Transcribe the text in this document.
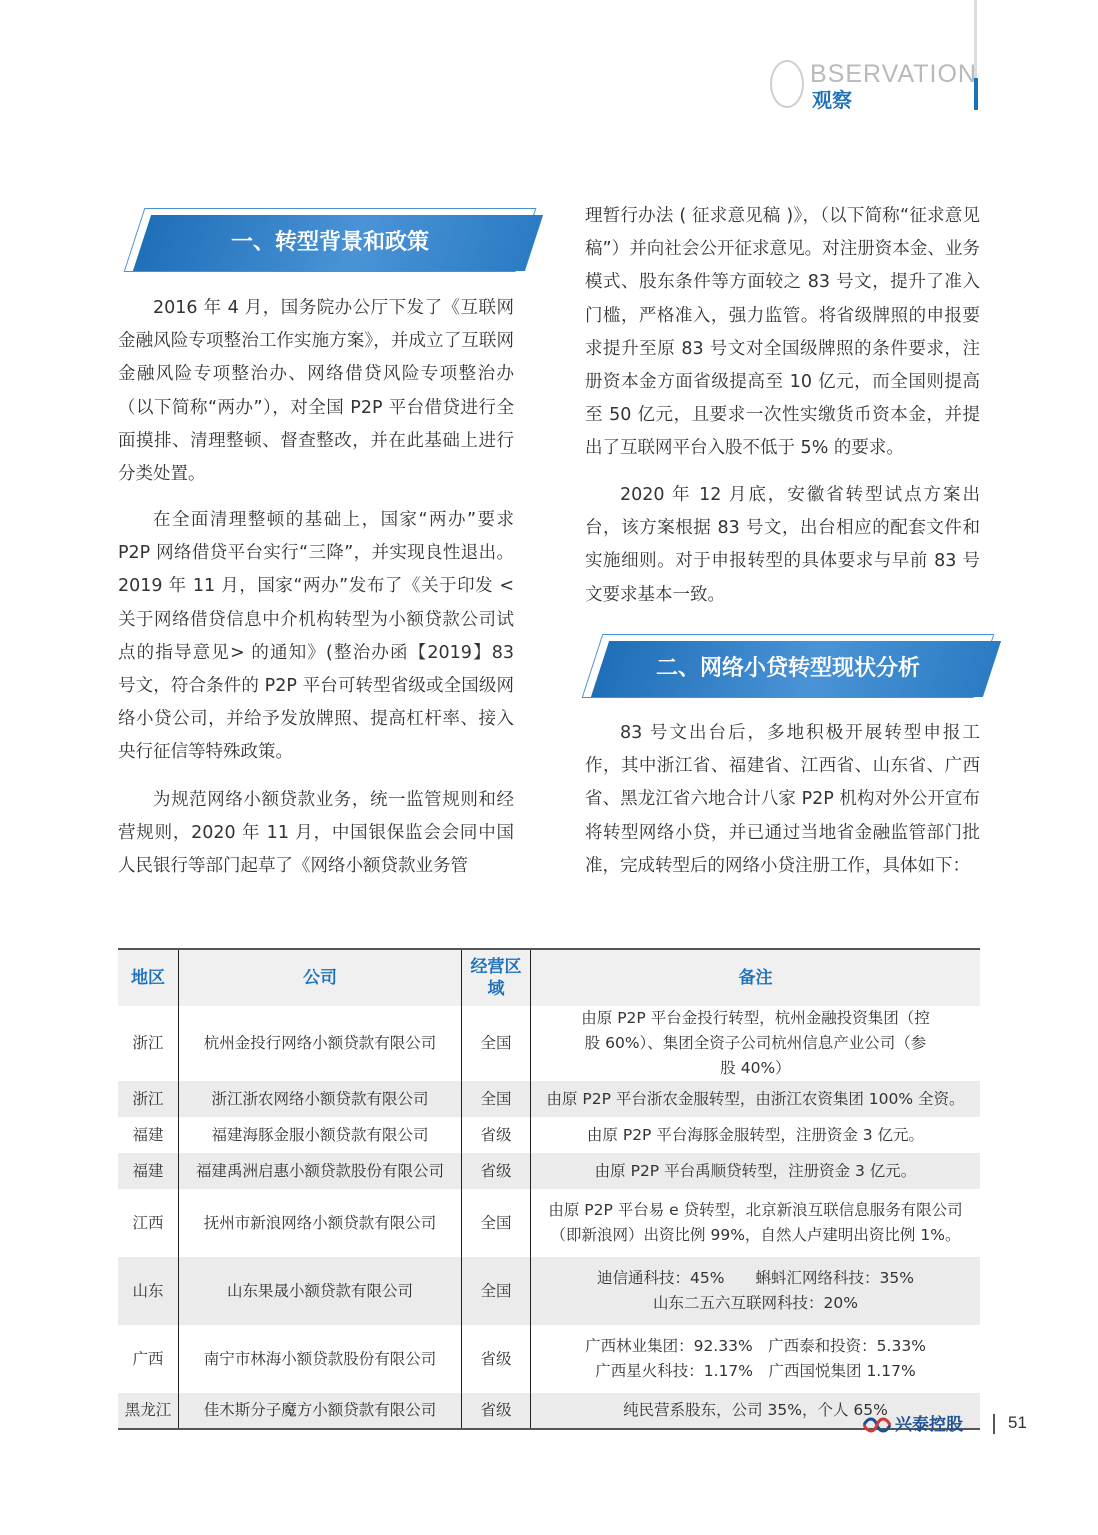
BSERVATION
观察
一、转型背景和政策

2016 年 4 月，国务院办公厅下发了《互联网金融风险专项整治工作实施方案》，并成立了互联网金融风险专项整治办、网络借贷风险专项整治办（以下简称“两办”），对全国 P2P 平台借贷进行全面摸排、清理整顿、督查整改，并在此基础上进行分类处置。

在全面清理整顿的基础上，国家“两办”要求 P2P 网络借贷平台实行“三降”，并实现良性退出。2019 年 11 月，国家“两办”发布了《关于印发 < 关于网络借贷信息中介机构转型为小额贷款公司试点的指导意见> 的通知》(整治办函【2019】83 号文，符合条件的 P2P 平台可转型省级或全国级网络小贷公司，并给予发放牌照、提高杠杆率、接入央行征信等特殊政策。

为规范网络小额贷款业务，统一监管规则和经营规则，2020 年 11 月，中国银保监会会同中国人民银行等部门起草了《网络小额贷款业务管

理暂行办法 ( 征求意见稿 )》，（以下简称“征求意见稿”）并向社会公开征求意见。对注册资本金、业务模式、股东条件等方面较之 83 号文，提升了准入门槛，严格准入，强力监管。将省级牌照的申报要求提升至原 83 号文对全国级牌照的条件要求，注册资本金方面省级提高至 10 亿元，而全国则提高至 50 亿元，且要求一次性实缴货币资本金，并提出了互联网平台入股不低于 5% 的要求。

2020 年 12 月底，安徽省转型试点方案出台，该方案根据 83 号文，出台相应的配套文件和实施细则。对于申报转型的具体要求与早前 83 号文要求基本一致。

二、网络小贷转型现状分析

83 号文出台后，多地积极开展转型申报工作，其中浙江省、福建省、江西省、山东省、广西省、黑龙江省六地合计八家 P2P 机构对外公开宣布将转型网络小贷，并已通过当地省金融监管部门批准，完成转型后的网络小贷注册工作，具体如下：

地区	公司	经营区域	备注
浙江	杭州金投行网络小额贷款有限公司	全国	由原 P2P 平台金投行转型，杭州金融投资集团（控股 60%）、集团全资子公司杭州信息产业公司（参股 40%）
浙江	浙江浙农网络小额贷款有限公司	全国	由原 P2P 平台浙农金服转型，由浙江农资集团 100% 全资。
福建	福建海豚金服小额贷款有限公司	省级	由原 P2P 平台海豚金服转型，注册资金 3 亿元。
福建	福建禹洲启惠小额贷款股份有限公司	省级	由原 P2P 平台禹顺贷转型，注册资金 3 亿元。
江西	抚州市新浪网络小额贷款有限公司	全国	由原 P2P 平台易 e 贷转型，北京新浪互联信息服务有限公司（即新浪网）出资比例 99%，自然人卢建明出资比例 1%。
山东	山东果晟小额贷款有限公司	全国	迪信通科技：45%　　蝌蚪汇网络科技：35%
山东二五六互联网科技：20%
广西	南宁市林海小额贷款股份有限公司	省级	广西林业集团：92.33%　广西泰和投资：5.33%
广西星火科技：1.17%　广西国悦集团 1.17%
黑龙江	佳木斯分子魔方小额贷款有限公司	省级	纯民营系股东，公司 35%，个人 65%
兴泰控股	51
